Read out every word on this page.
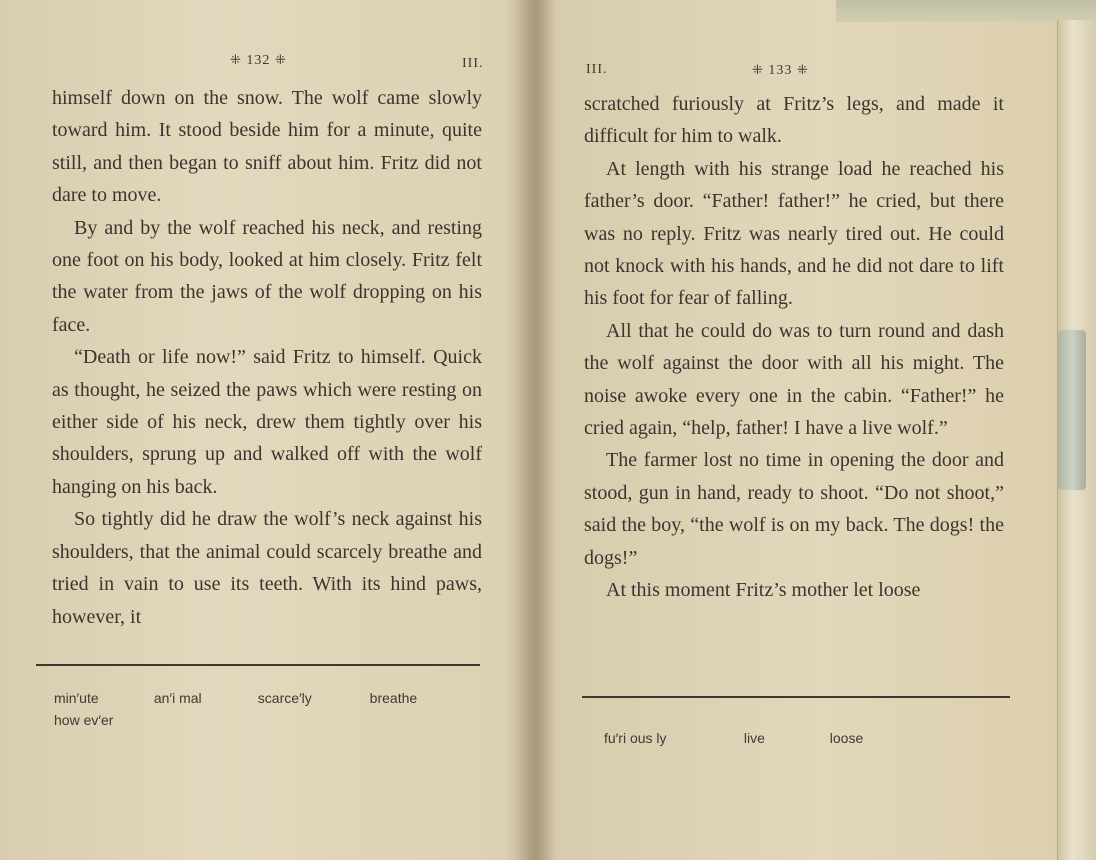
⁜ 132 ⁜	III.

himself down on the snow. The wolf came slowly toward him. It stood beside him for a minute, quite still, and then began to sniff about him. Fritz did not dare to move.

By and by the wolf reached his neck, and resting one foot on his body, looked at him closely. Fritz felt the water from the jaws of the wolf dropping on his face.

“Death or life now!” said Fritz to himself. Quick as thought, he seized the paws which were resting on either side of his neck, drew them tightly over his shoulders, sprung up and walked off with the wolf hanging on his back.

So tightly did he draw the wolf’s neck against his shoulders, that the animal could scarcely breathe and tried in vain to use its teeth. With its hind paws, however, it

min′ute	an′i mal	scarce′ly	breathe
how ev′er
III.	⁜ 133 ⁜

scratched furiously at Fritz’s legs, and made it difficult for him to walk.

At length with his strange load he reached his father’s door. “Father! father!” he cried, but there was no reply. Fritz was nearly tired out. He could not knock with his hands, and he did not dare to lift his foot for fear of falling.

All that he could do was to turn round and dash the wolf against the door with all his might. The noise awoke every one in the cabin. “Father!” he cried again, “help, father! I have a live wolf.”

The farmer lost no time in opening the door and stood, gun in hand, ready to shoot. “Do not shoot,” said the boy, “the wolf is on my back. The dogs! the dogs!”

At this moment Fritz’s mother let loose

fu′ri ous ly	live	loose
